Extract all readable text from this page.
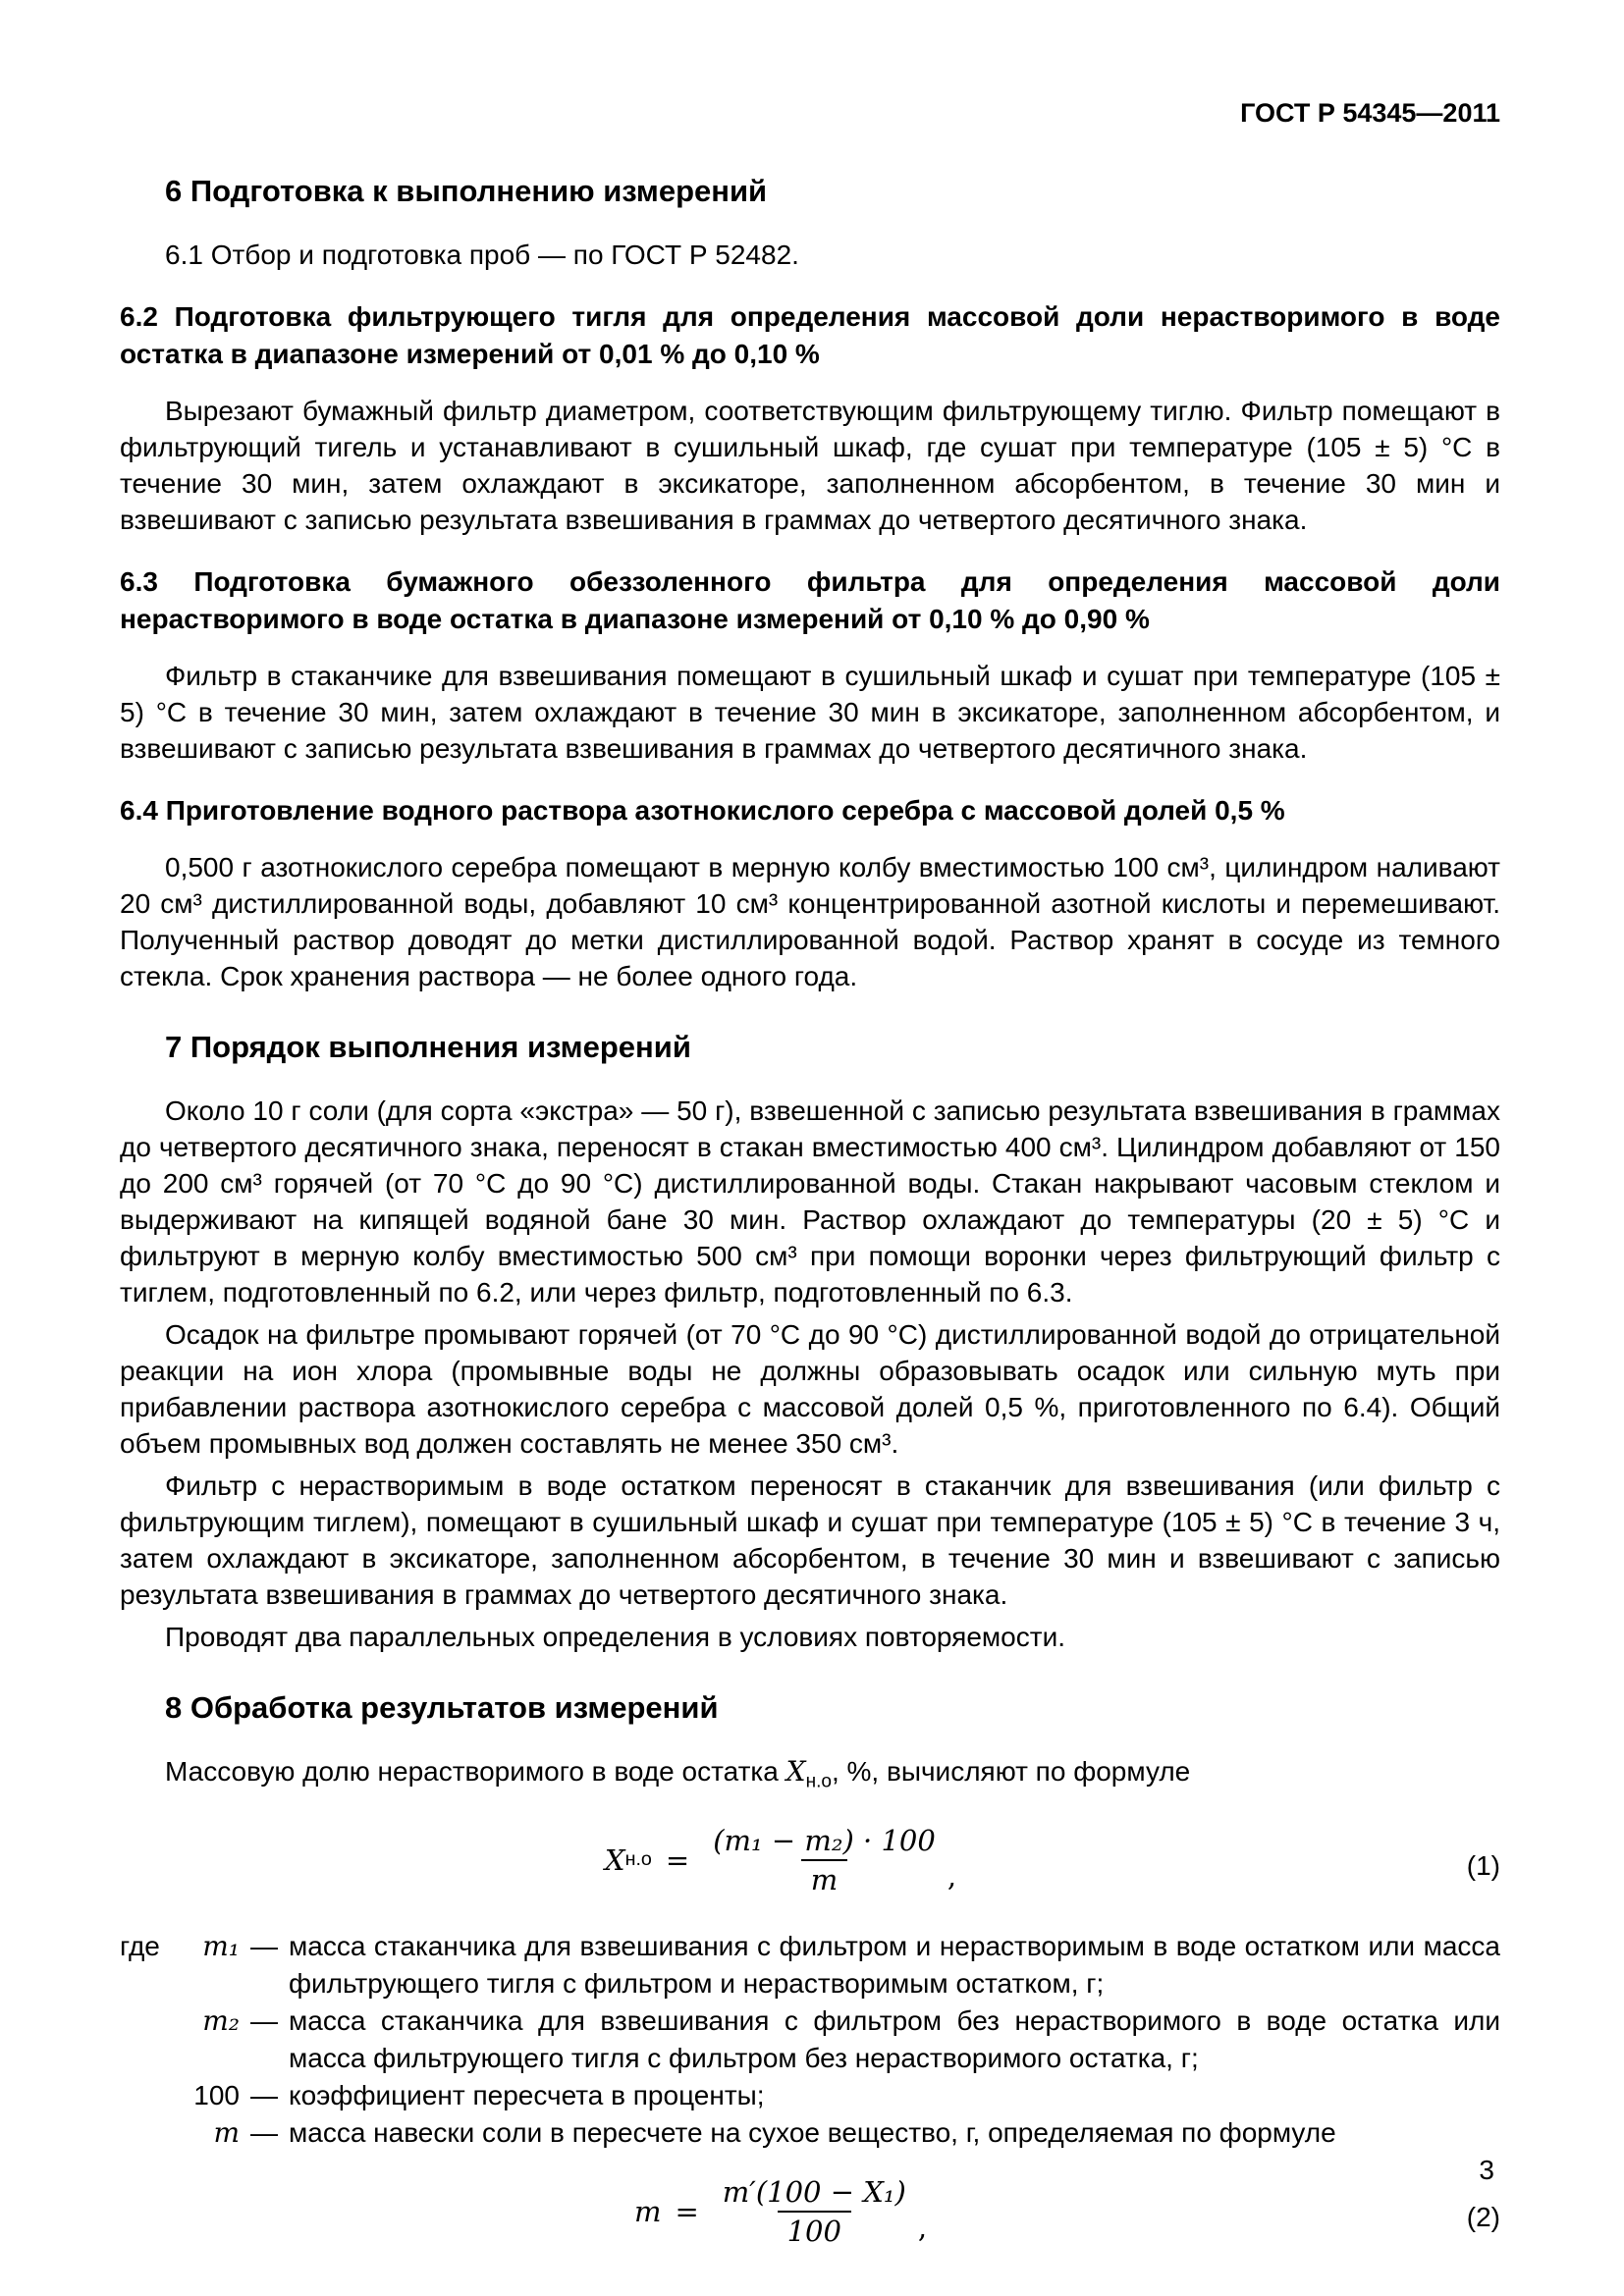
ГОСТ Р 54345—2011
6 Подготовка к выполнению измерений

6.1 Отбор и подготовка проб — по ГОСТ Р 52482.

6.2 Подготовка фильтрующего тигля для определения массовой доли нерастворимого в воде остатка в диапазоне измерений от 0,01 % до 0,10 %

Вырезают бумажный фильтр диаметром, соответствующим фильтрующему тиглю. Фильтр помещают в фильтрующий тигель и устанавливают в сушильный шкаф, где сушат при температуре (105 ± 5) °С в течение 30 мин, затем охлаждают в эксикаторе, заполненном абсорбентом, в течение 30 мин и взвешивают с записью результата взвешивания в граммах до четвертого десятичного знака.

6.3 Подготовка бумажного обеззоленного фильтра для определения массовой доли нерастворимого в воде остатка в диапазоне измерений от 0,10 % до 0,90 %

Фильтр в стаканчике для взвешивания помещают в сушильный шкаф и сушат при температуре (105 ± 5) °С в течение 30 мин, затем охлаждают в течение 30 мин в эксикаторе, заполненном абсорбентом, и взвешивают с записью результата взвешивания в граммах до четвертого десятичного знака.

6.4 Приготовление водного раствора азотнокислого серебра с массовой долей 0,5 %

0,500 г азотнокислого серебра помещают в мерную колбу вместимостью 100 см³, цилиндром наливают 20 см³ дистиллированной воды, добавляют 10 см³ концентрированной азотной кислоты и перемешивают. Полученный раствор доводят до метки дистиллированной водой. Раствор хранят в сосуде из темного стекла. Срок хранения раствора — не более одного года.

7 Порядок выполнения измерений

Около 10 г соли (для сорта «экстра» — 50 г), взвешенной с записью результата взвешивания в граммах до четвертого десятичного знака, переносят в стакан вместимостью 400 см³. Цилиндром добавляют от 150 до 200 см³ горячей (от 70 °С до 90 °С) дистиллированной воды. Стакан накрывают часовым стеклом и выдерживают на кипящей водяной бане 30 мин. Раствор охлаждают до температуры (20 ± 5) °С и фильтруют в мерную колбу вместимостью 500 см³ при помощи воронки через фильтрующий фильтр с тиглем, подготовленный по 6.2, или через фильтр, подготовленный по 6.3.

Осадок на фильтре промывают горячей (от 70 °С до 90 °С) дистиллированной водой до отрицательной реакции на ион хлора (промывные воды не должны образовывать осадок или сильную муть при прибавлении раствора азотнокислого серебра с массовой долей 0,5 %, приготовленного по 6.4). Общий объем промывных вод должен составлять не менее 350 см³.

Фильтр с нерастворимым в воде остатком переносят в стаканчик для взвешивания (или фильтр с фильтрующим тиглем), помещают в сушильный шкаф и сушат при температуре (105 ± 5) °С в течение 3 ч, затем охлаждают в эксикаторе, заполненном абсорбентом, в течение 30 мин и взвешивают с записью результата взвешивания в граммах до четвертого десятичного знака.

Проводят два параллельных определения в условиях повторяемости.

8 Обработка результатов измерений

Массовую долю нерастворимого в воде остатка $X_{н.о}$, %, вычисляют по формуле

X $н.о = \frac{\text{(m₁ − m₂) · 100}}{m}$ ,	(1)
где	m₁ — масса стаканчика для взвешивания с фильтром и нерастворимым в воде остатком или масса фильтрующего тигля с фильтром и нерастворимым остатком, г;
m₂ — масса стаканчика для взвешивания с фильтром без нерастворимого в воде остатка или масса фильтрующего тигля с фильтром без нерастворимого остатка, г;
100 — коэффициент пересчета в проценты;
m — масса навески соли в пересчете на сухое вещество, г, определяемая по формуле
$m = \frac{\text{m′(100 − X₁)}}{100}$ ,	(2)
3
